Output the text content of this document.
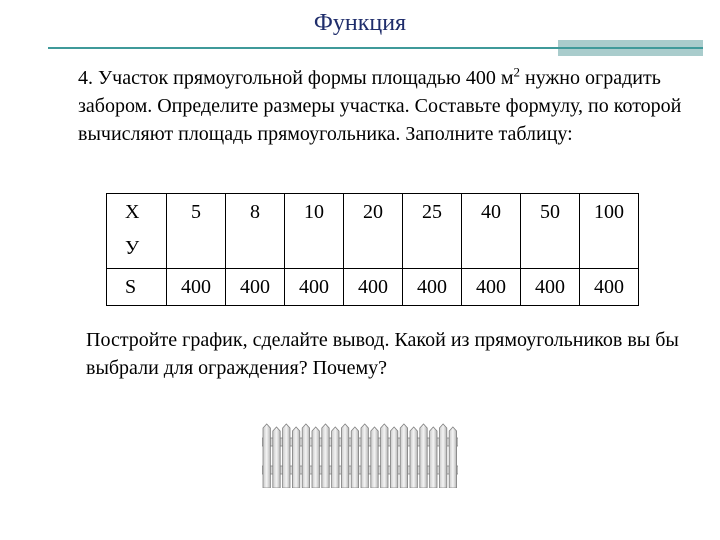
Функция
4. Участок прямоугольной формы площадью 400 $м^2$ нужно оградить забором. Определите размеры участка. Составьте формулу, по которой вычисляют площадь прямоугольника. Заполните таблицу:
Х
У	5	8	10	20	25	40	50	100
S	400	400	400	400	400	400	400	400
Постройте график, сделайте вывод. Какой из прямоугольников вы бы выбрали для ограждения? Почему?
